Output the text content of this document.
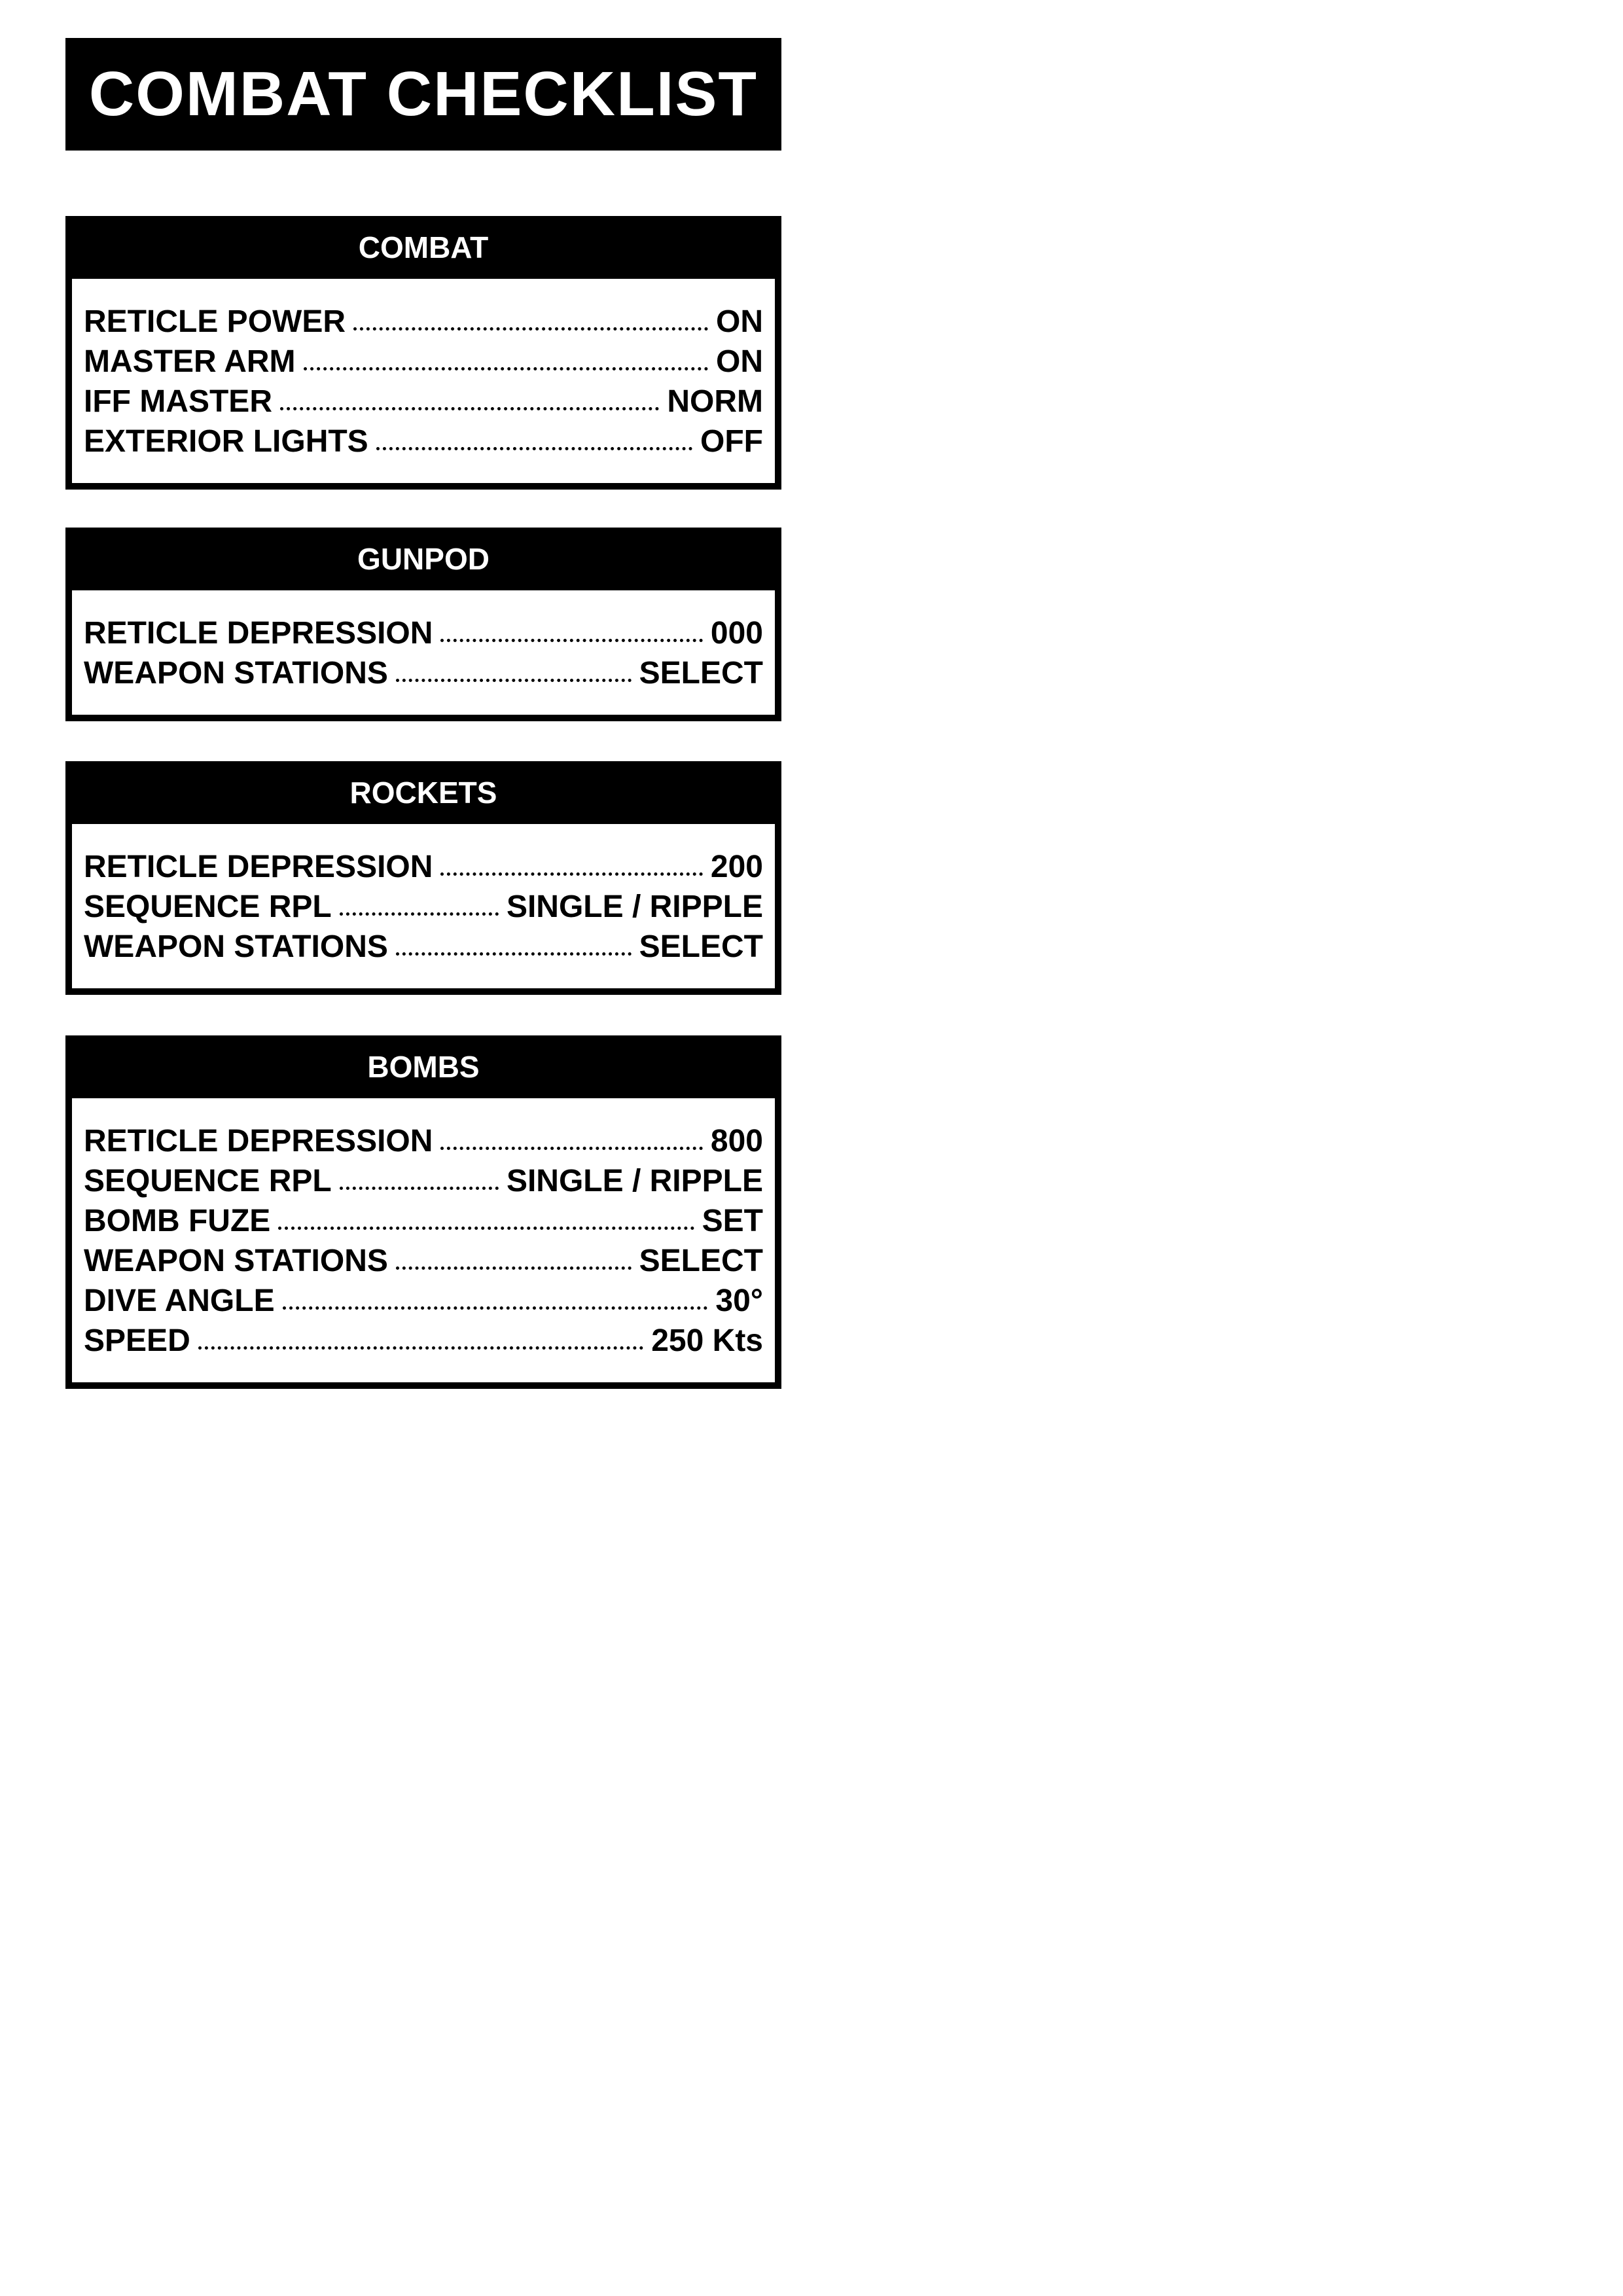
COMBAT CHECKLIST
COMBAT
RETICLE POWER	ON
MASTER ARM	ON
IFF MASTER	NORM
EXTERIOR LIGHTS	OFF
GUNPOD
RETICLE DEPRESSION	000
WEAPON STATIONS	SELECT
ROCKETS
RETICLE DEPRESSION	200
SEQUENCE RPL	SINGLE / RIPPLE
WEAPON STATIONS	SELECT
BOMBS
RETICLE DEPRESSION	800
SEQUENCE RPL	SINGLE / RIPPLE
BOMB FUZE	SET
WEAPON STATIONS	SELECT
DIVE ANGLE	30°
SPEED	250 Kts
